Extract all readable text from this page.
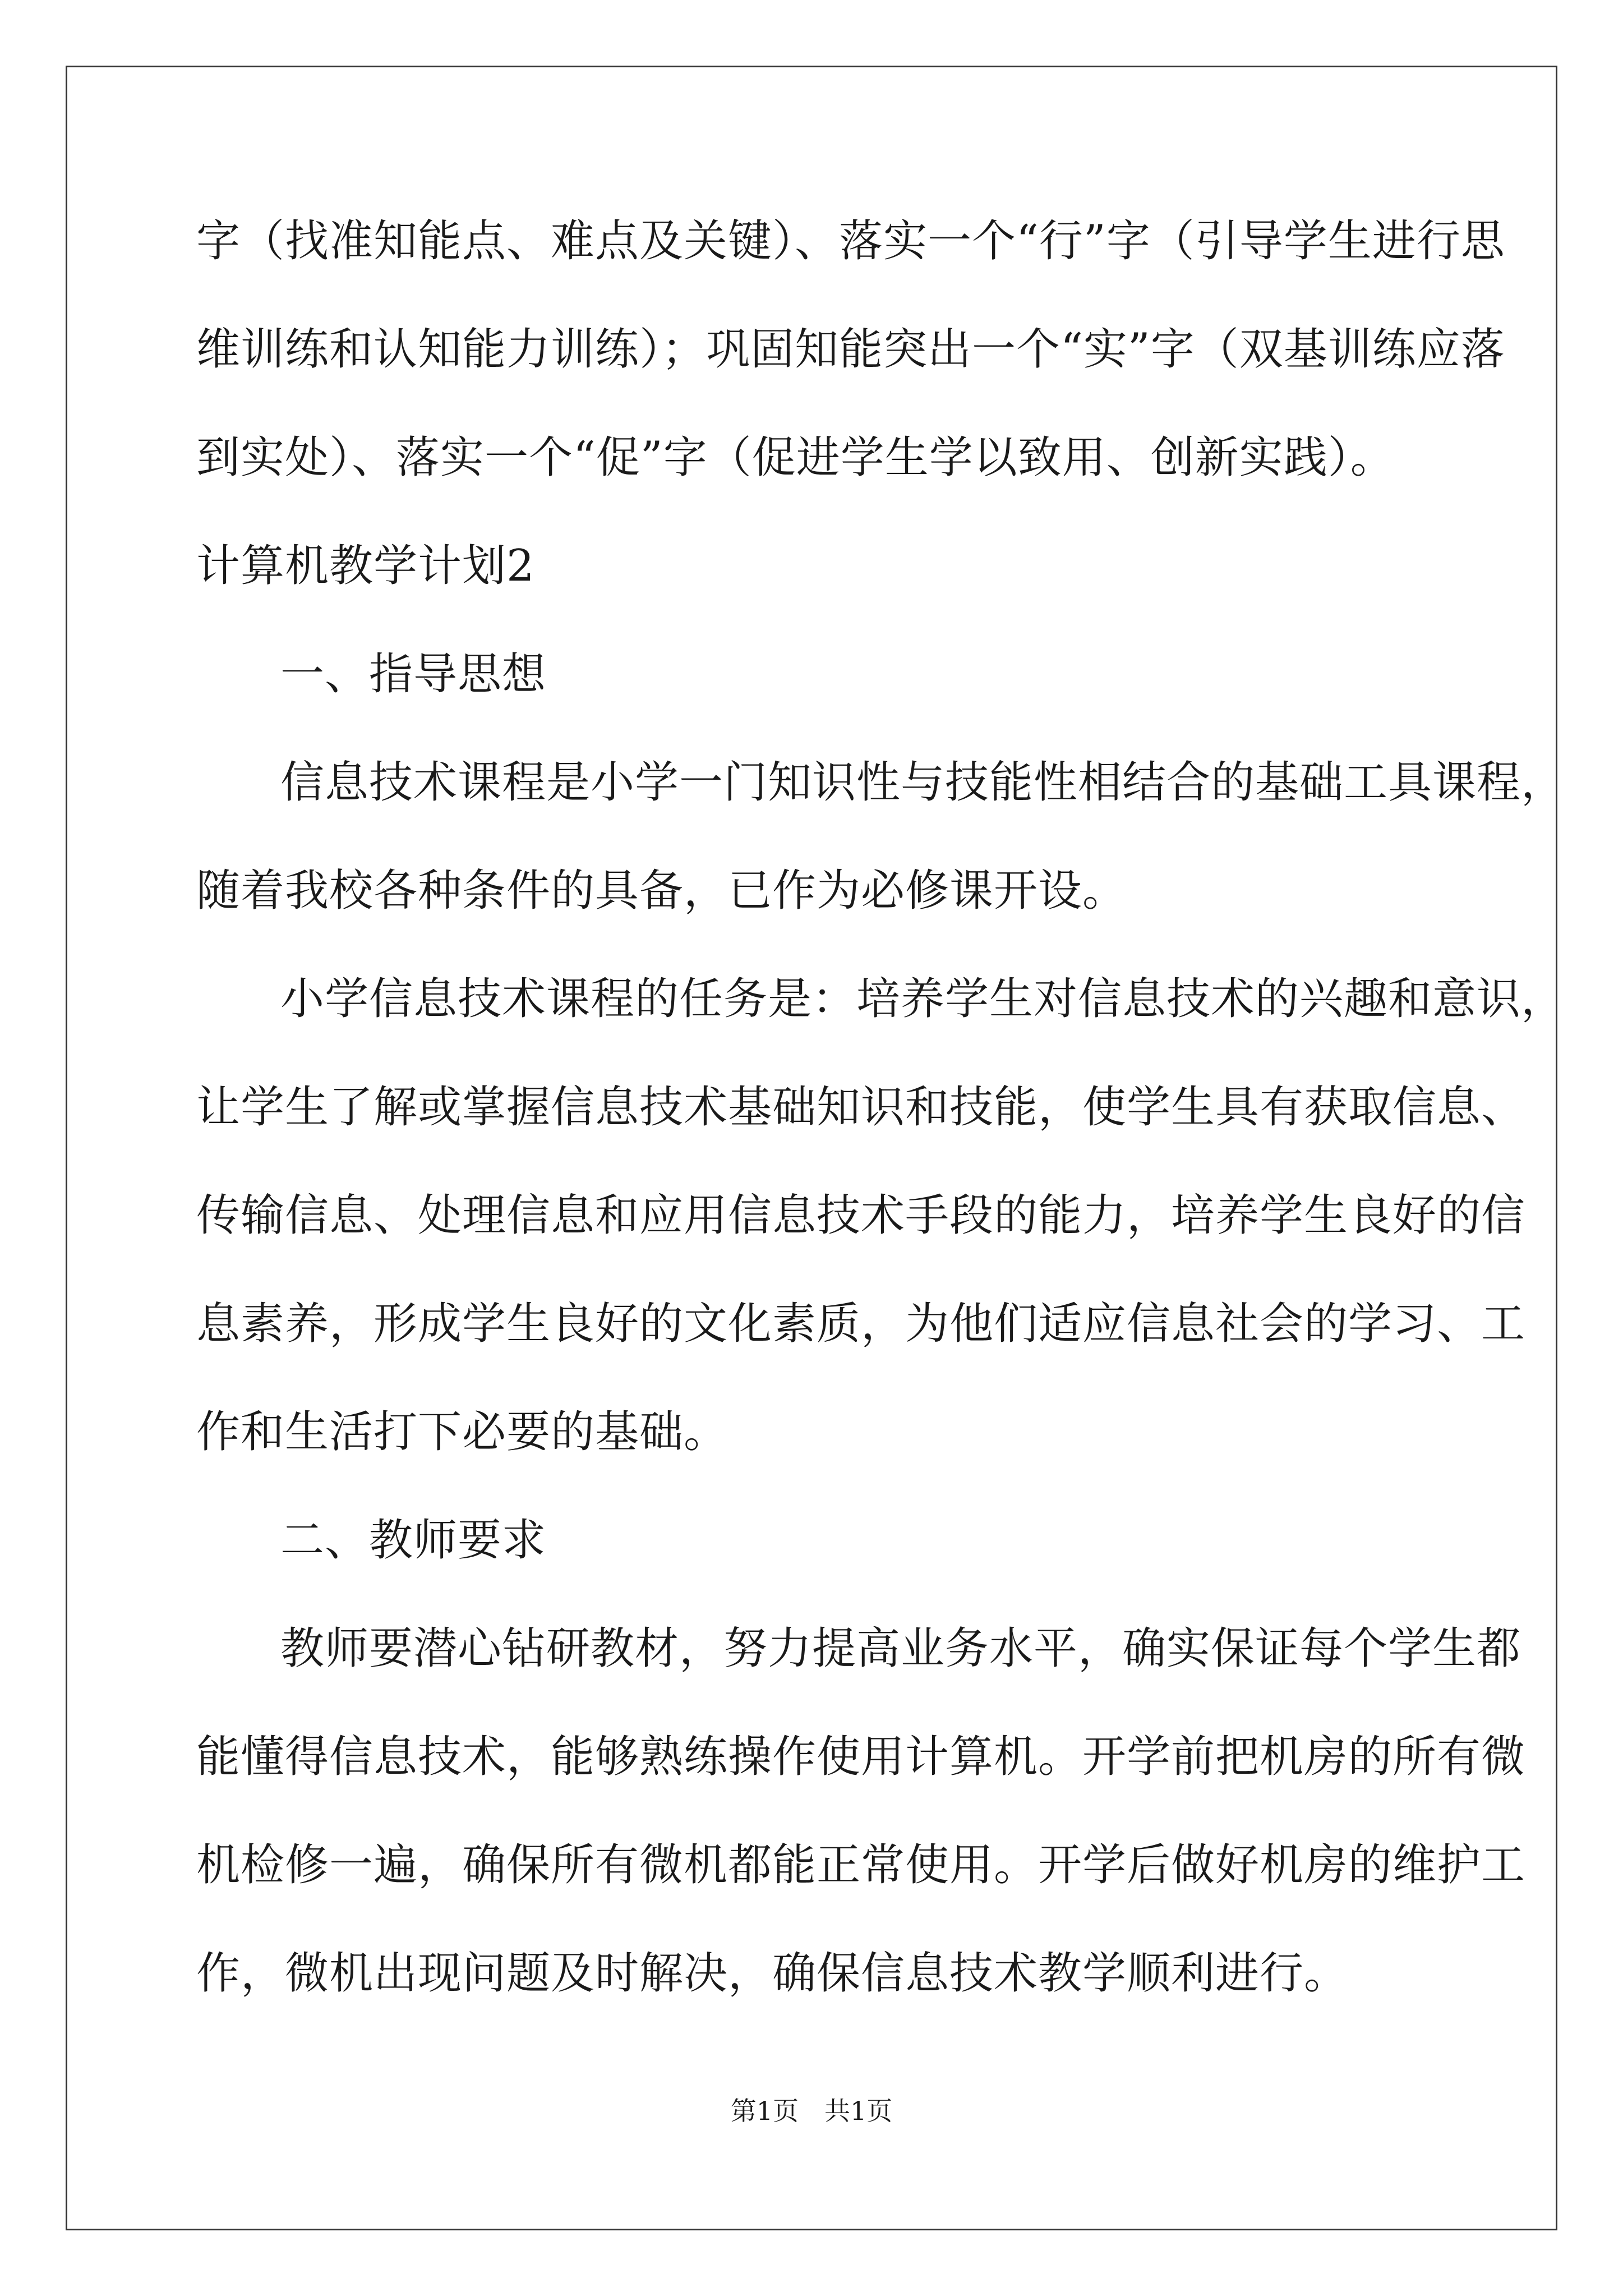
字（找准知能点、难点及关键）、落实一个“行”字（引导学生进行思
维训练和认知能力训练）；巩固知能突出一个“实”字（双基训练应落
到实处）、落实一个“促”字（促进学生学以致用、创新实践）。
计算机教学计划2
一、指导思想
信息技术课程是小学一门知识性与技能性相结合的基础工具课程，
随着我校各种条件的具备，已作为必修课开设。
小学信息技术课程的任务是：培养学生对信息技术的兴趣和意识，
让学生了解或掌握信息技术基础知识和技能，使学生具有获取信息、
传输信息、处理信息和应用信息技术手段的能力，培养学生良好的信
息素养，形成学生良好的文化素质，为他们适应信息社会的学习、工
作和生活打下必要的基础。
二、教师要求
教师要潜心钻研教材，努力提高业务水平，确实保证每个学生都
能懂得信息技术，能够熟练操作使用计算机。开学前把机房的所有微
机检修一遍，确保所有微机都能正常使用。开学后做好机房的维护工
作，微机出现问题及时解决，确保信息技术教学顺利进行。
第1页　共1页
